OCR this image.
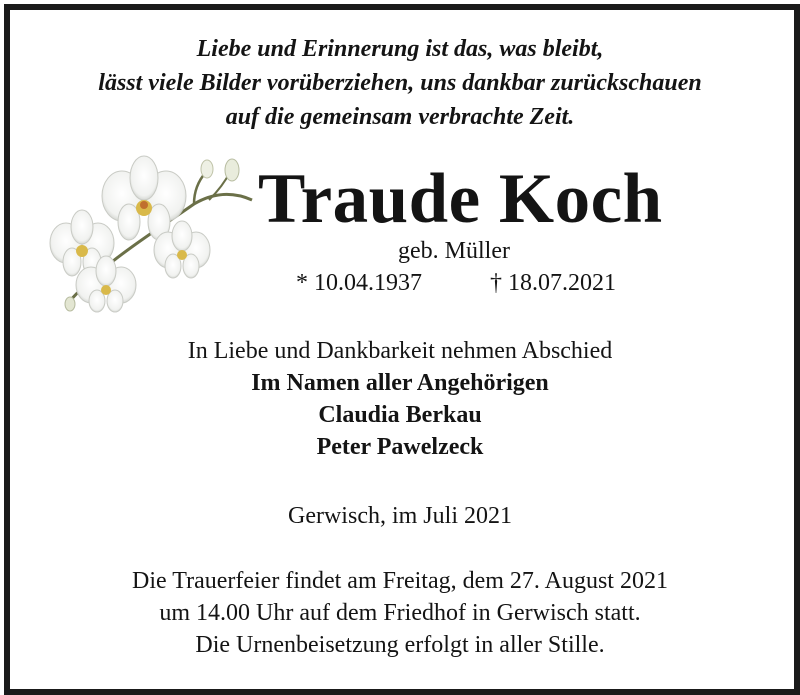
Liebe und Erinnerung ist das, was bleibt,
lässt viele Bilder vorüberziehen, uns dankbar zurückschauen
auf die gemeinsam verbrachte Zeit.
Traude Koch
geb. Müller
* 10.04.1937	† 18.07.2021
In Liebe und Dankbarkeit nehmen Abschied
Im Namen aller Angehörigen
Claudia Berkau
Peter Pawelzeck
Gerwisch, im Juli 2021
Die Trauerfeier findet am Freitag, dem 27. August 2021
um 14.00 Uhr auf dem Friedhof in Gerwisch statt.
Die Urnenbeisetzung erfolgt in aller Stille.
